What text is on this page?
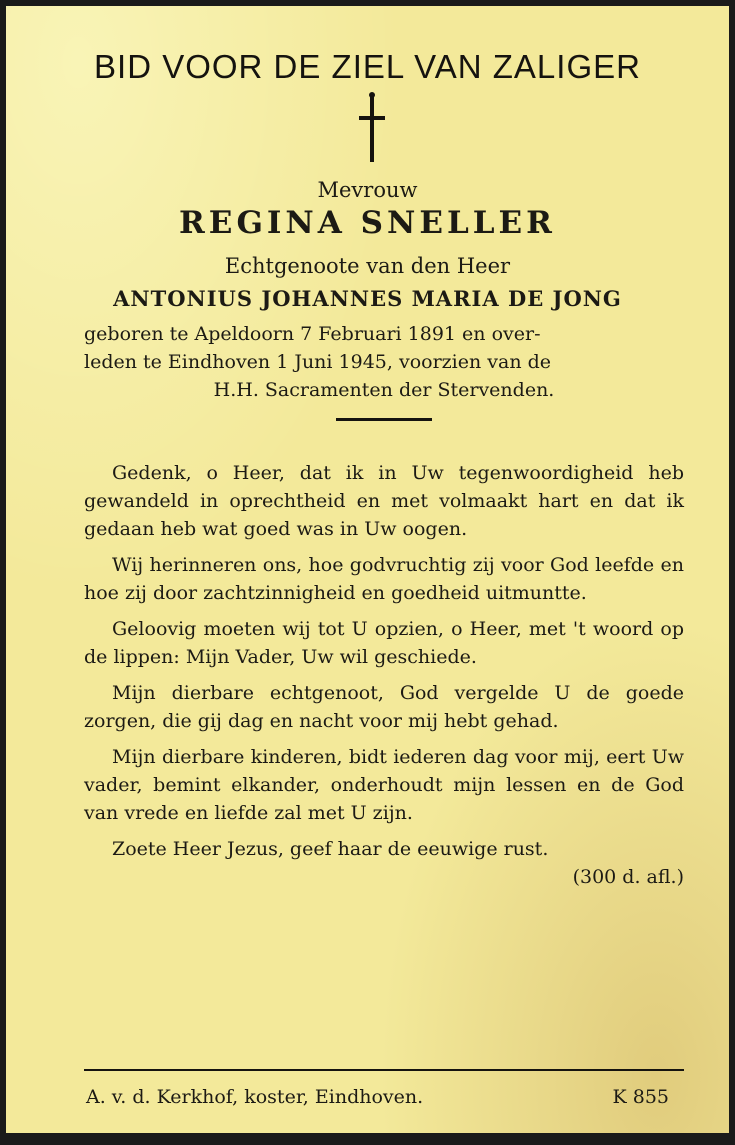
BID VOOR DE ZIEL VAN ZALIGER
Mevrouw
REGINA SNELLER
Echtgenoote van den Heer
ANTONIUS JOHANNES MARIA DE JONG
geboren te Apeldoorn 7 Februari 1891 en over-
leden te Eindhoven 1 Juni 1945, voorzien van de

H.H. Sacramenten der Stervenden.

Gedenk, o Heer, dat ik in Uw tegenwoordigheid heb gewandeld in oprechtheid en met volmaakt hart en dat ik gedaan heb wat goed was in Uw oogen.

Wij herinneren ons, hoe godvruchtig zij voor God leefde en hoe zij door zachtzinnigheid en goedheid uitmuntte.

Geloovig moeten wij tot U opzien, o Heer, met 't woord op de lippen: Mijn Vader, Uw wil geschiede.

Mijn dierbare echtgenoot, God vergelde U de goede zorgen, die gij dag en nacht voor mij hebt gehad.

Mijn dierbare kinderen, bidt iederen dag voor mij, eert Uw vader, bemint elkander, onderhoudt mijn lessen en de God van vrede en liefde zal met U zijn.

Zoete Heer Jezus, geef haar de eeuwige rust.

(300 d. afl.)

A. v. d. Kerkhof, koster, Eindhoven.	K 855
